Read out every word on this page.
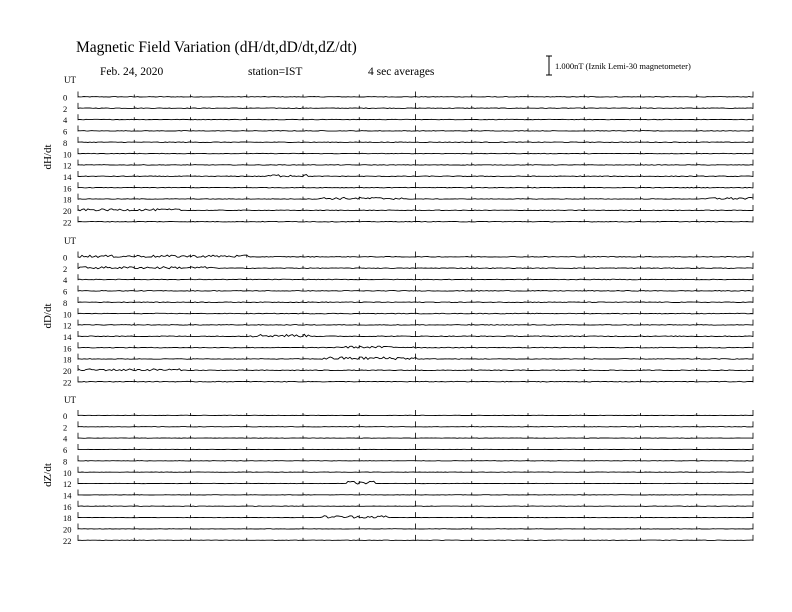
Magnetic Field Variation (dH/dt,dD/dt,dZ/dt)
Feb. 24, 2020	station=IST	4 sec averages	1.000nT (Iznik Lemi-30 magnetometer)
UT
dH/dt
0
2
4
6
8
10
12
14
16
18
20
22
UT
dD/dt
0
2
4
6
8
10
12
14
16
18
20
22
UT
dZ/dt
0
2
4
6
8
10
12
14
16
18
20
22
